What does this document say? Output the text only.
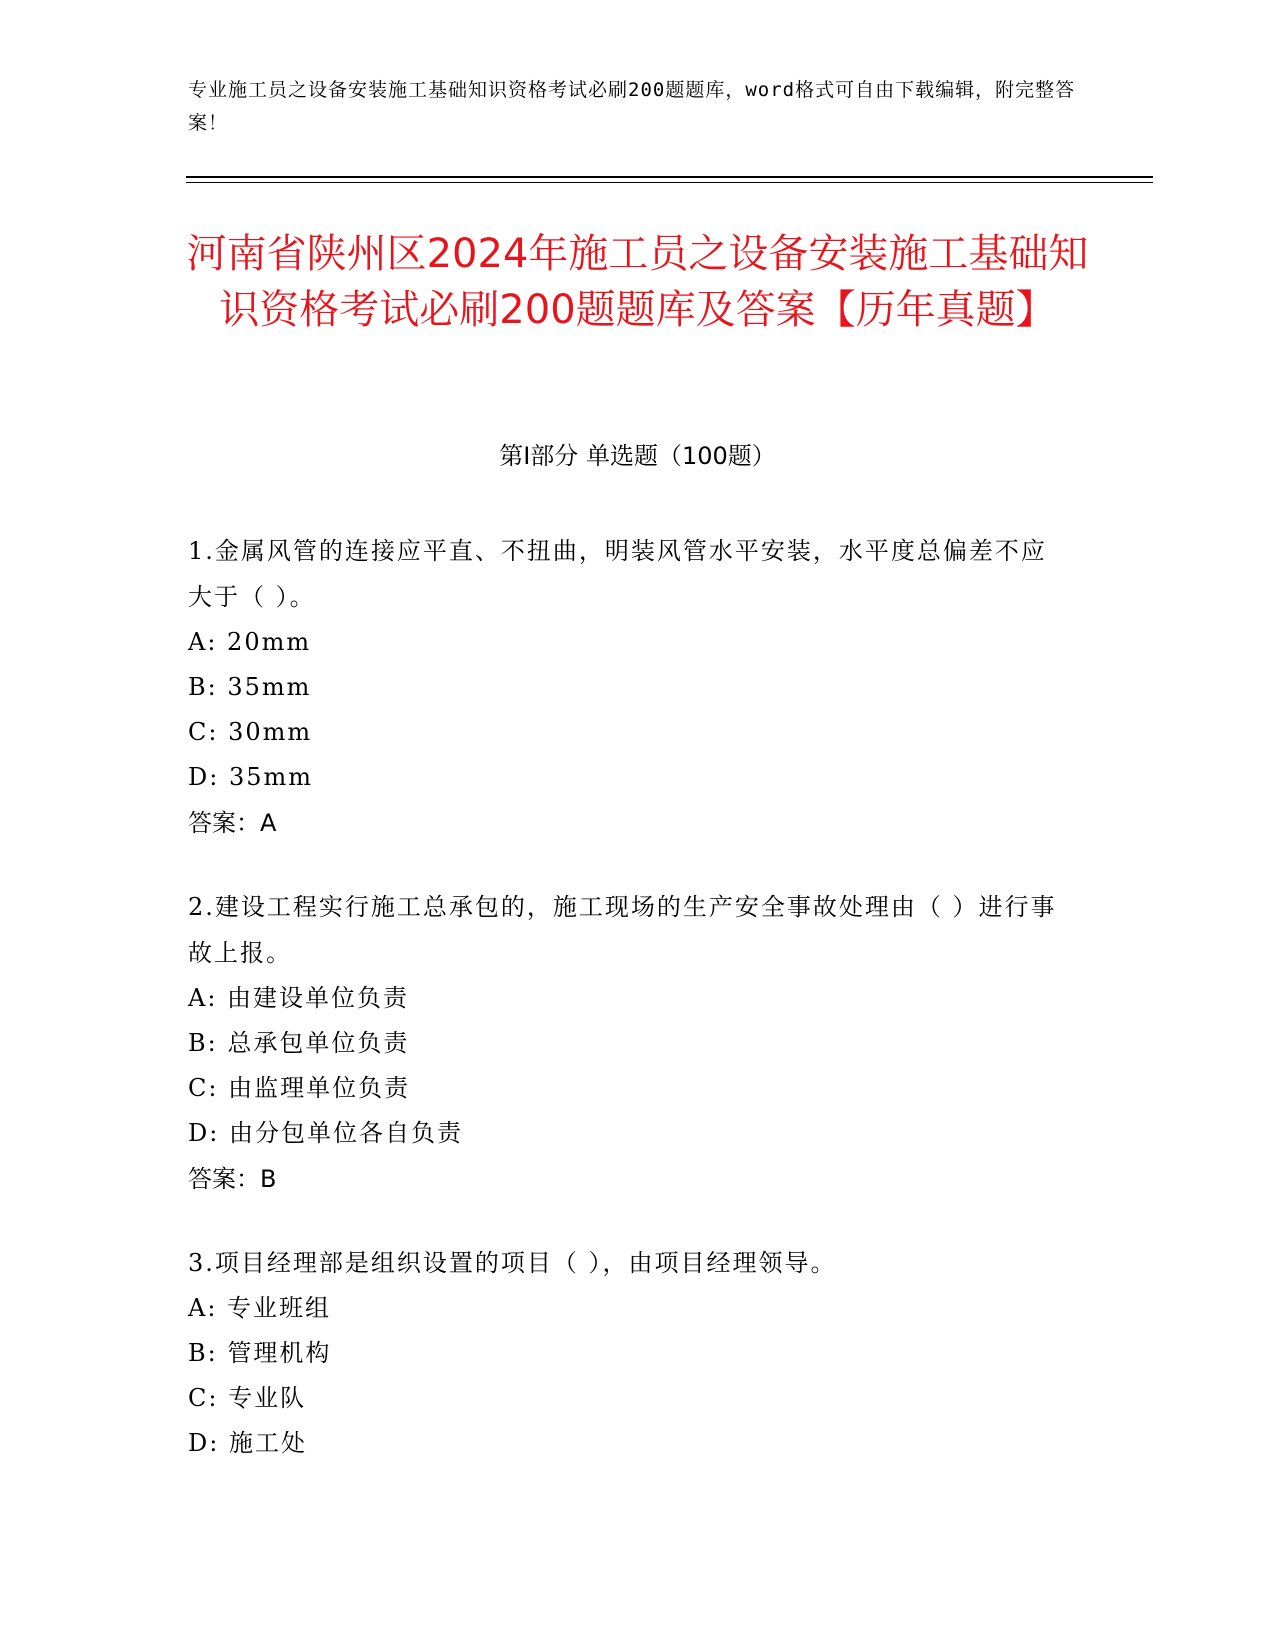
专业施工员之设备安装施工基础知识资格考试必刷200题题库，word格式可自由下载编辑，附完整答案！
河南省陕州区2024年施工员之设备安装施工基础知识资格考试必刷200题题库及答案【历年真题】
第I部分 单选题（100题）
1.金属风管的连接应平直、不扭曲，明装风管水平安装，水平度总偏差不应大于（ ）。
A: 20mm
B: 35mm
C: 30mm
D: 35mm
答案：A
2.建设工程实行施工总承包的，施工现场的生产安全事故处理由（ ）进行事故上报。
A: 由建设单位负责
B: 总承包单位负责
C: 由监理单位负责
D: 由分包单位各自负责
答案：B
3.项目经理部是组织设置的项目（ ），由项目经理领导。
A: 专业班组
B: 管理机构
C: 专业队
D: 施工处
